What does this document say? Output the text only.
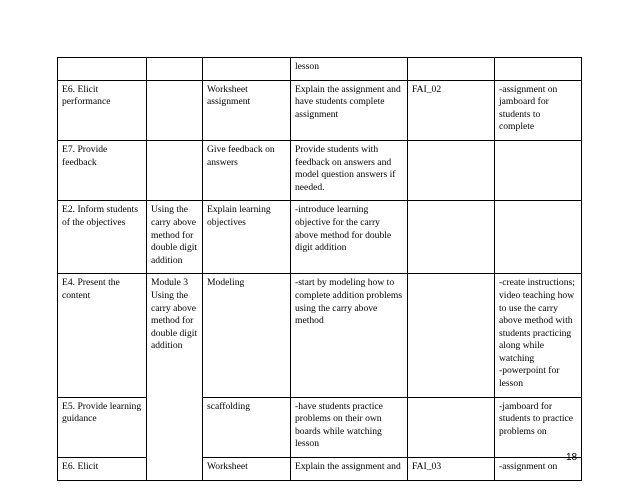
			lesson		
E6. Elicit performance		Worksheet assignment	Explain the assignment and have students complete assignment	FAI_02	-assignment on jamboard for students to complete
E7. Provide feedback		Give feedback on answers	Provide students with feedback on answers and model question answers if needed.		
E2. Inform students of the objectives	Using the carry above method for double digit addition	Explain learning objectives	-introduce learning objective for the carry above method for double digit addition		
E4. Present the content	Module 3 Using the carry above method for double digit addition	Modeling	-start by modeling how to complete addition problems using the carry above method		-create instructions; video teaching how to use the carry above method with students practicing along while watching
-powerpoint for lesson
E5. Provide learning guidance		scaffolding	-have students practice problems on their own boards while watching lesson		-jamboard for students to practice problems on
E6. Elicit		Worksheet	Explain the assignment and	FAI_03	-assignment on
18
